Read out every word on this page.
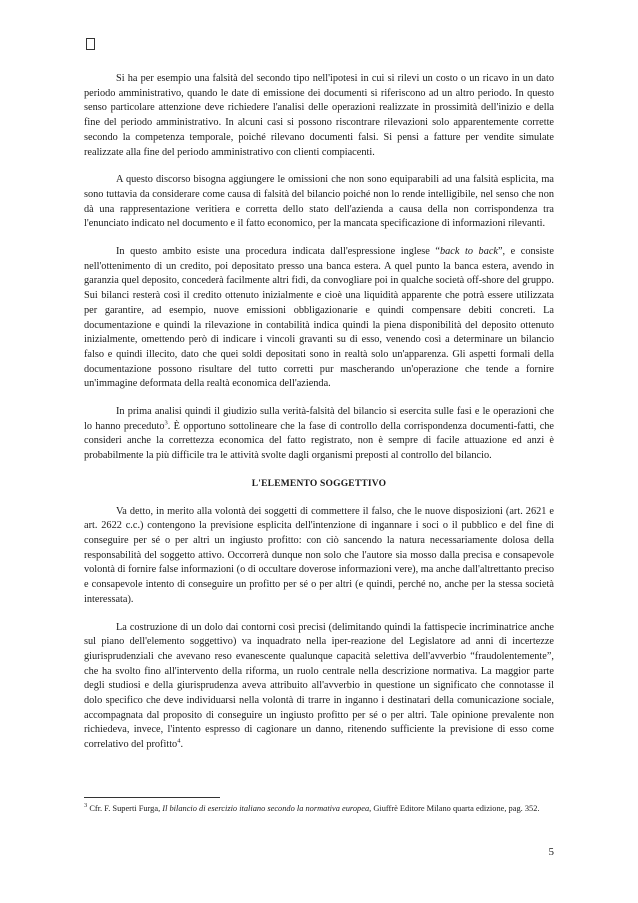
Si ha per esempio una falsità del secondo tipo nell'ipotesi in cui si rilevi un costo o un ricavo in un dato periodo amministrativo, quando le date di emissione dei documenti si riferiscono ad un altro periodo. In questo senso particolare attenzione deve richiedere l'analisi delle operazioni realizzate in prossimità dell'inizio e della fine del periodo amministrativo. In alcuni casi si possono riscontrare rilevazioni solo apparentemente corrette secondo la competenza temporale, poiché rilevano documenti falsi. Si pensi a fatture per vendite simulate realizzate alla fine del periodo amministrativo con clienti compiacenti.

A questo discorso bisogna aggiungere le omissioni che non sono equiparabili ad una falsità esplicita, ma sono tuttavia da considerare come causa di falsità del bilancio poiché non lo rende intelligibile, nel senso che non dà una rappresentazione veritiera e corretta dello stato dell'azienda a causa della non corrispondenza tra l'enunciato indicato nel documento e il fatto economico, per la mancata specificazione di informazioni rilevanti.

In questo ambito esiste una procedura indicata dall'espressione inglese “back to back”, e consiste nell'ottenimento di un credito, poi depositato presso una banca estera. A quel punto la banca estera, avendo in garanzia quel deposito, concederà facilmente altri fidi, da convogliare poi in qualche società off-shore del gruppo. Sui bilanci resterà così il credito ottenuto inizialmente e cioè una liquidità apparente che potrà essere utilizzata per garantire, ad esempio, nuove emissioni obbligazionarie e quindi compensare debiti concreti. La documentazione e quindi la rilevazione in contabilità indica quindi la piena disponibilità del deposito ottenuto inizialmente, omettendo però di indicare i vincoli gravanti su di esso, venendo così a determinare un bilancio falso e quindi illecito, dato che quei soldi depositati sono in realtà solo un'apparenza. Gli aspetti formali della documentazione possono risultare del tutto corretti pur mascherando un'operazione che tende a fornire un'immagine deformata della realtà economica dell'azienda.

In prima analisi quindi il giudizio sulla verità-falsità del bilancio si esercita sulle fasi e le operazioni che lo hanno preceduto$^3$. È opportuno sottolineare che la fase di controllo della corrispondenza documenti-fatti, che consideri anche la correttezza economica del fatto registrato, non è sempre di facile attuazione ed anzi è probabilmente la più difficile tra le attività svolte dagli organismi preposti al controllo del bilancio.

L'ELEMENTO SOGGETTIVO

Va detto, in merito alla volontà dei soggetti di commettere il falso, che le nuove disposizioni (art. 2621 e art. 2622 c.c.) contengono la previsione esplicita dell'intenzione di ingannare i soci o il pubblico e del fine di conseguire per sé o per altri un ingiusto profitto: con ciò sancendo la natura necessariamente dolosa della responsabilità del soggetto attivo. Occorrerà dunque non solo che l'autore sia mosso dalla precisa e consapevole volontà di fornire false informazioni (o di occultare doverose informazioni vere), ma anche dall'altrettanto preciso e consapevole intento di conseguire un profitto per sé o per altri (e quindi, perché no, anche per la stessa società interessata).

La costruzione di un dolo dai contorni così precisi (delimitando quindi la fattispecie incriminatrice anche sul piano dell'elemento soggettivo) va inquadrato nella iper-reazione del Legislatore ad anni di incertezze giurisprudenziali che avevano reso evanescente qualunque capacità selettiva dell'avverbio “fraudolentemente”, che ha svolto fino all'intervento della riforma, un ruolo centrale nella descrizione normativa. La maggior parte degli studiosi e della giurisprudenza aveva attribuito all'avverbio in questione un significato che connotasse il dolo specifico che deve individuarsi nella volontà di trarre in inganno i destinatari della comunicazione sociale, accompagnata dal proposito di conseguire un ingiusto profitto per sé o per altri. Tale opinione prevalente non richiedeva, invece, l'intento espresso di cagionare un danno, ritenendo sufficiente la previsione di esso come correlativo del profitto$^4$.

$^3$ Cfr. F. Superti Furga, Il bilancio di esercizio italiano secondo la normativa europea, Giuffrè Editore Milano quarta edizione, pag. 352.
5
